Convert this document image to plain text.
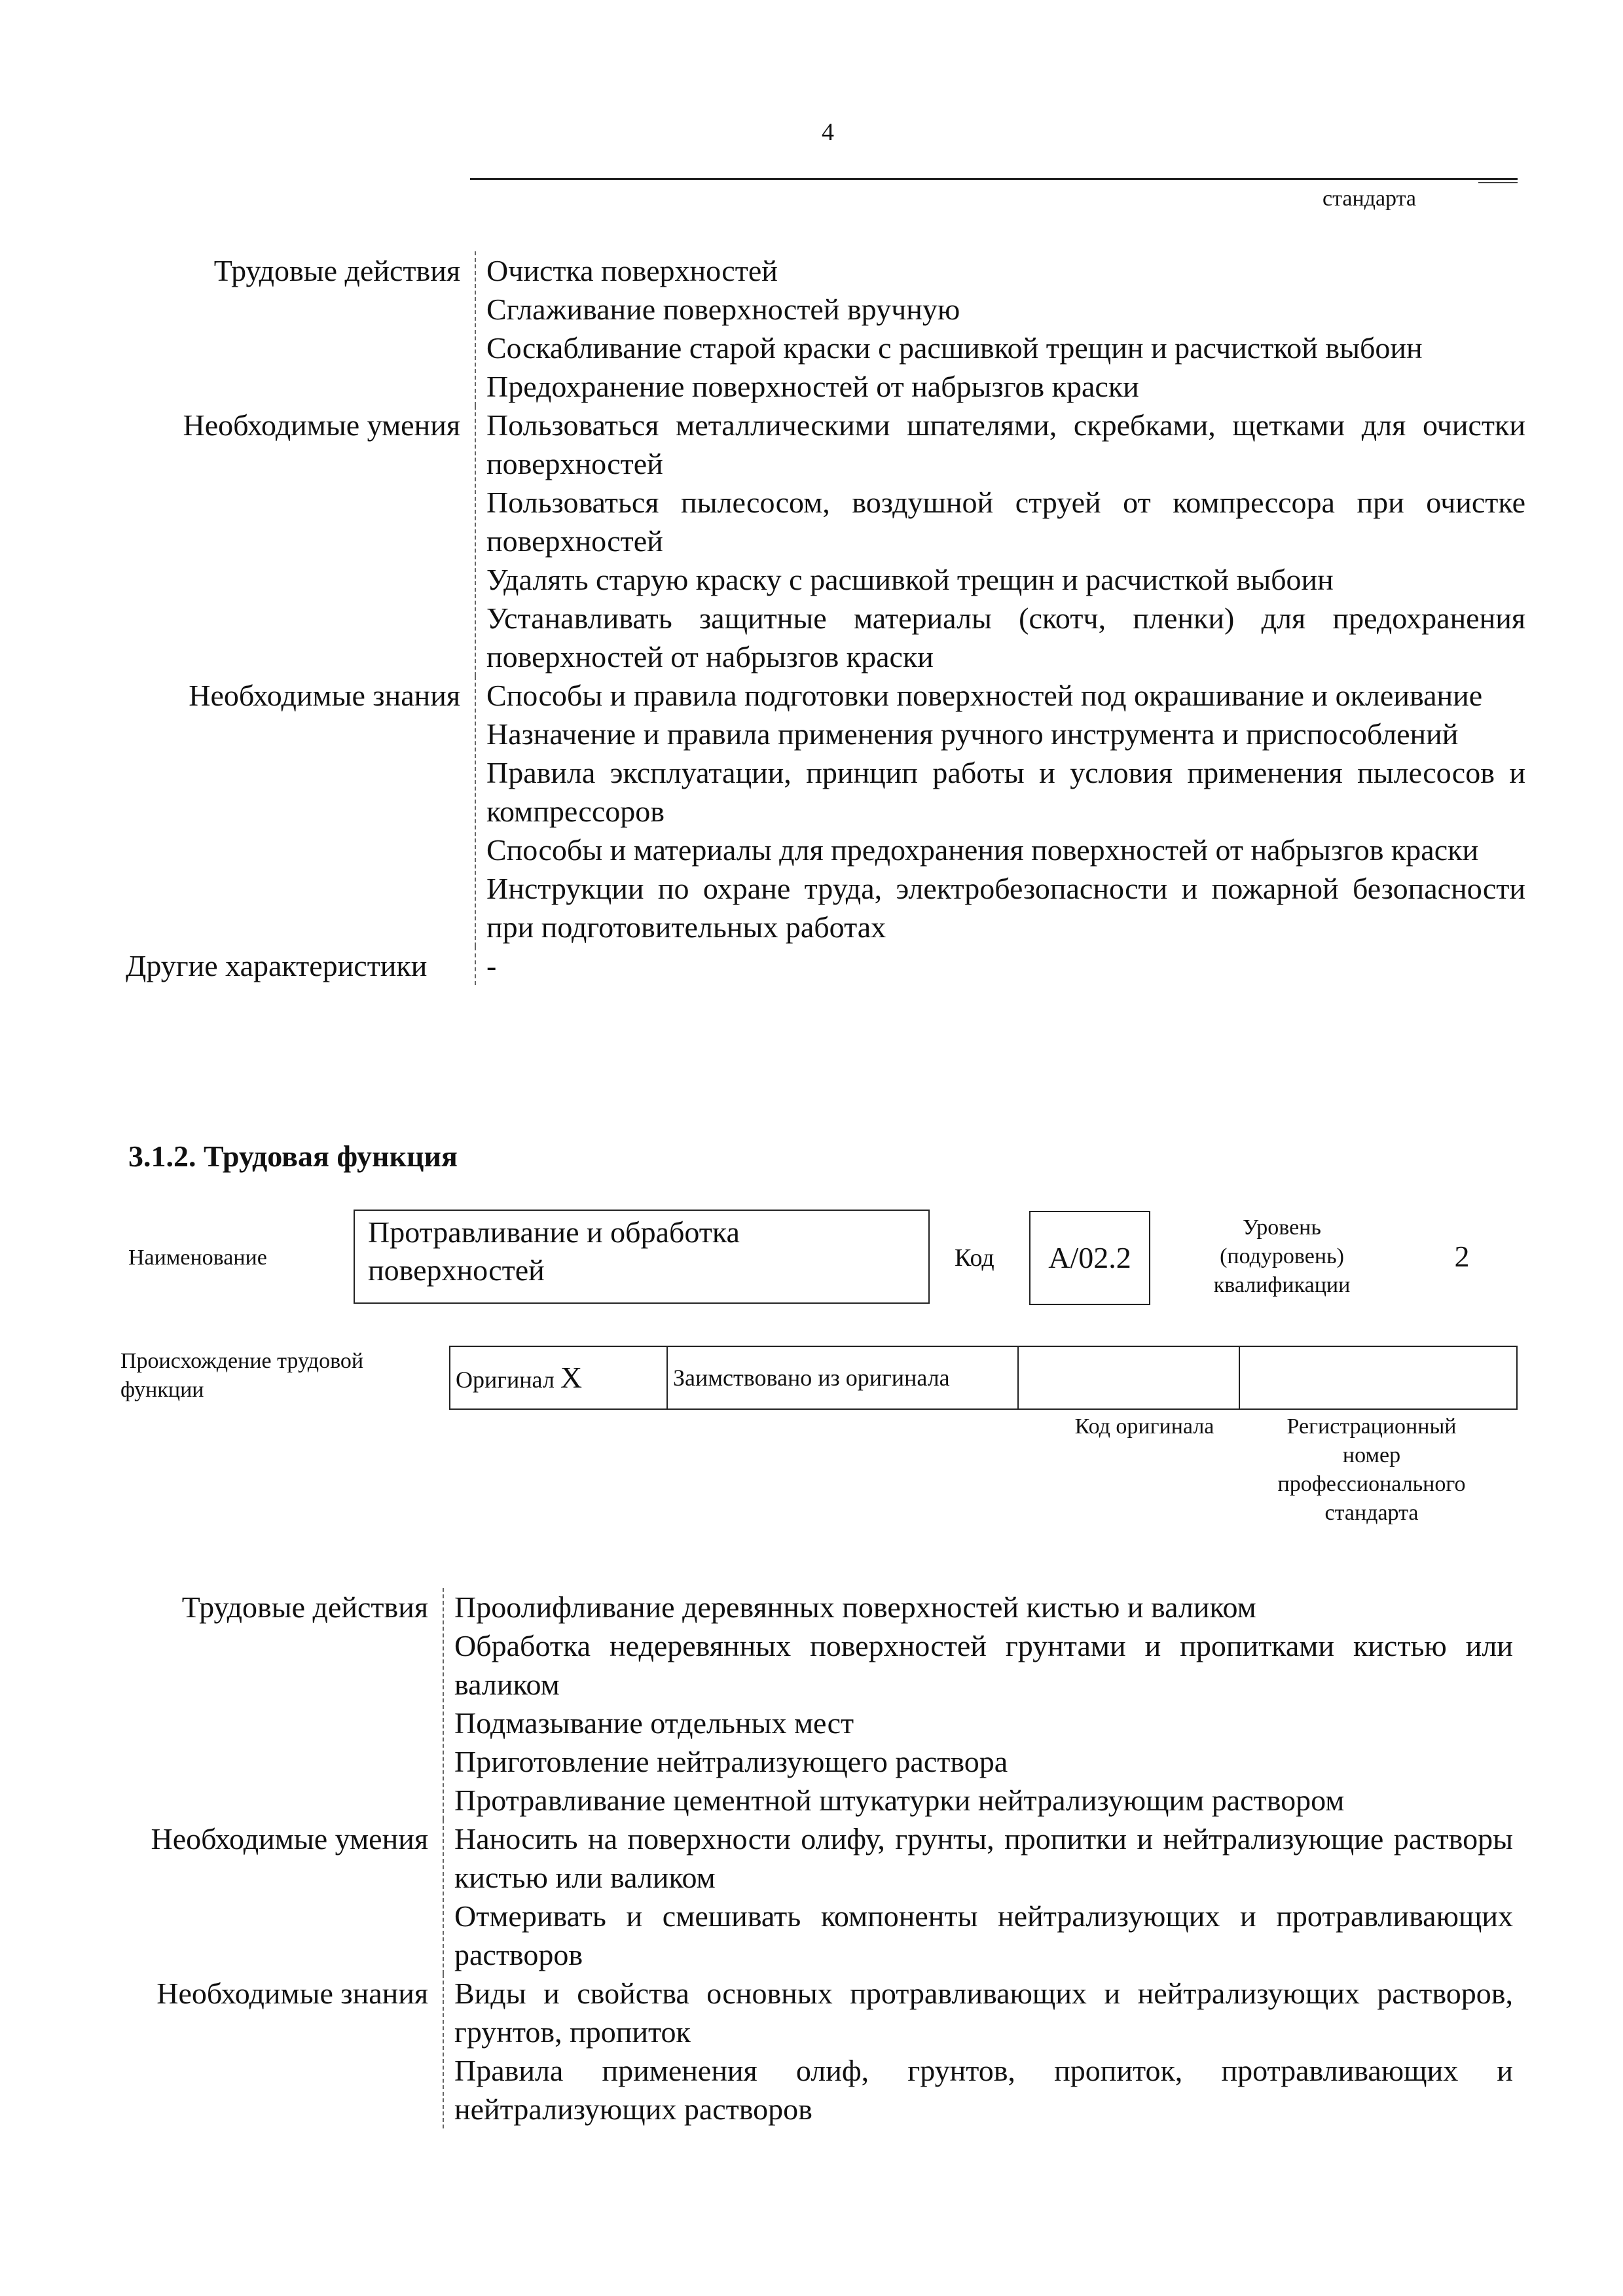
4
стандарта
Трудовые действия Очистка поверхностей
Сглаживание поверхностей вручную
Соскабливание старой краски с расшивкой трещин и расчисткой выбоин
Предохранение поверхностей от набрызгов краски
Необходимые умения Пользоваться металлическими шпателями, скребками, щетками для очистки поверхностей
Пользоваться пылесосом, воздушной струей от компрессора при очистке поверхностей
Удалять старую краску с расшивкой трещин и расчисткой выбоин
Устанавливать защитные материалы (скотч, пленки) для предохранения поверхностей от набрызгов краски
Необходимые знания Способы и правила подготовки поверхностей под окрашивание и оклеивание
Назначение и правила применения ручного инструмента и приспособлений
Правила эксплуатации, принцип работы и условия применения пылесосов и компрессоров
Способы и материалы для предохранения поверхностей от набрызгов краски
Инструкции по охране труда, электробезопасности и пожарной безопасности при подготовительных работах
Другие характеристики	-
3.1.2. Трудовая функция
Наименование
Протравливание и обработка поверхностей	Код	А/02.2
Уровень (подуровень) квалификации
2
Происхождение трудовой функции	Оригинал X	Заимствовано из оригинала
Код оригинала	Регистрационный номер профессионального стандарта
Трудовые действия Проолифливание деревянных поверхностей кистью и валиком
Обработка недеревянных поверхностей грунтами и пропитками кистью или валиком
Подмазывание отдельных мест
Приготовление нейтрализующего раствора
Протравливание цементной штукатурки нейтрализующим раствором
Необходимые умения Наносить на поверхности олифу, грунты, пропитки и нейтрализующие растворы кистью или валиком
Отмеривать и смешивать компоненты нейтрализующих и протравливающих растворов
Необходимые знания Виды и свойства основных протравливающих и нейтрализующих растворов, грунтов, пропиток
Правила применения олиф, грунтов, пропиток, протравливающих и нейтрализующих растворов
